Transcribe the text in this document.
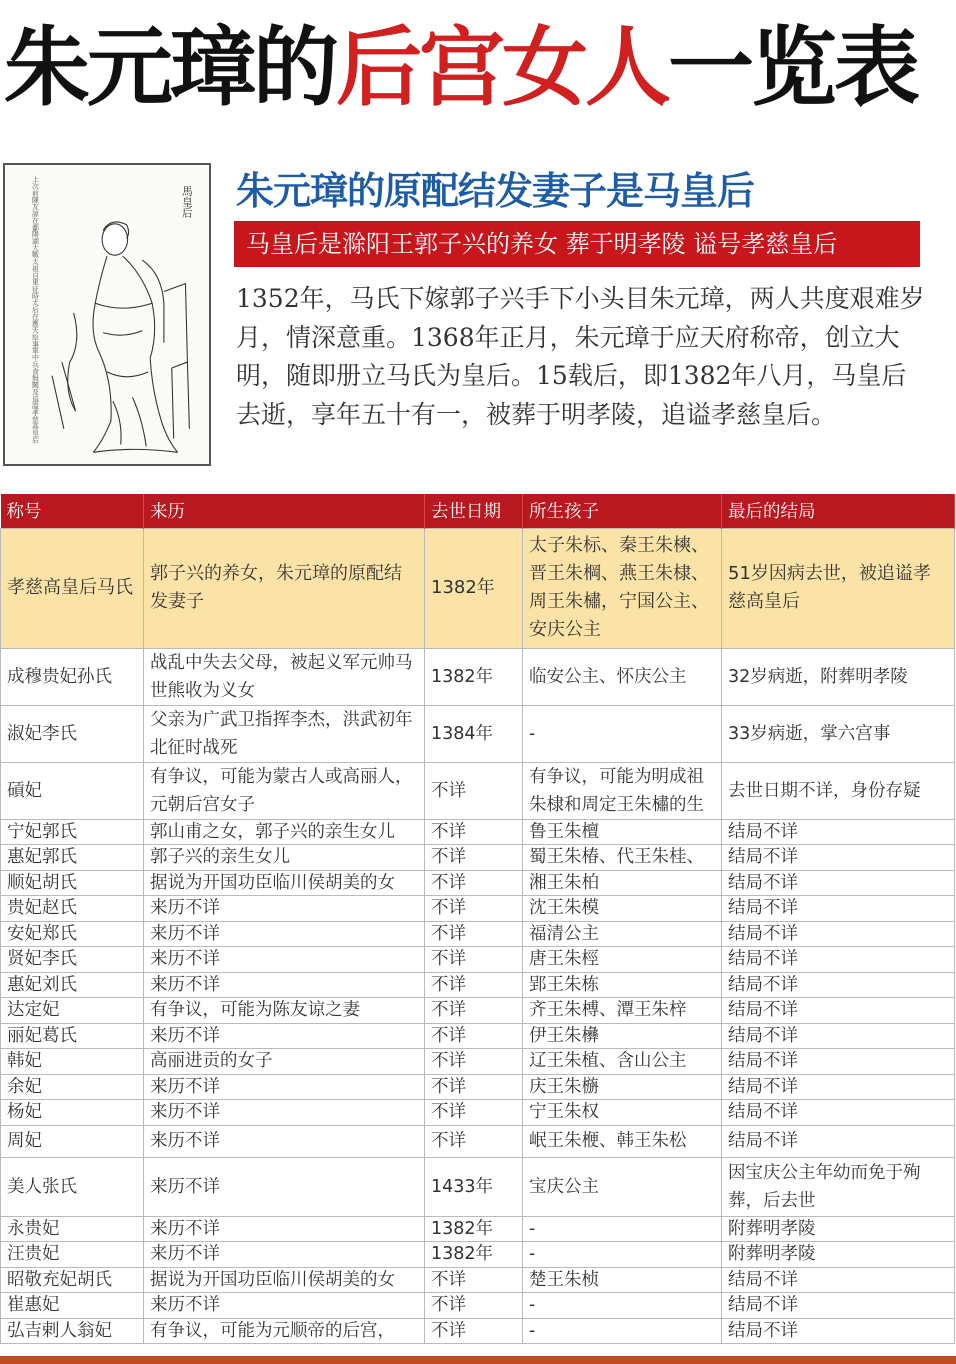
朱元璋的后宫女人一览表
馬皇后
上次前陳友諒在鄱陽湖大戰太祖自東征時太后在應天給事軍中兵食無闕及追諡孝慈高皇后	朱元璋的原配结发妻子是马皇后
马皇后是滁阳王郭子兴的养女 葬于明孝陵 谥号孝慈皇后
1352年，马氏下嫁郭子兴手下小头目朱元璋，两人共度艰难岁月，情深意重。1368年正月，朱元璋于应天府称帝，创立大明，随即册立马氏为皇后。15载后，即1382年八月，马皇后去逝，享年五十有一，被葬于明孝陵，追谥孝慈皇后。
称号	来历	去世日期	所生孩子	最后的结局
孝慈高皇后马氏	郭子兴的养女，朱元璋的原配结发妻子	1382年	太子朱标、秦王朱樉、晋王朱棡、燕王朱棣、周王朱橚，宁国公主、安庆公主	51岁因病去世，被追谥孝慈高皇后
成穆贵妃孙氏	战乱中失去父母，被起义军元帅马世熊收为义女	1382年	临安公主、怀庆公主	32岁病逝，附葬明孝陵
淑妃李氏	父亲为广武卫指挥李杰，洪武初年北征时战死	1384年	-	33岁病逝，掌六宫事
碽妃	有争议，可能为蒙古人或高丽人，元朝后宫女子	不详	有争议，可能为明成祖朱棣和周定王朱橚的生	去世日期不详，身份存疑
宁妃郭氏	郭山甫之女，郭子兴的亲生女儿	不详	鲁王朱檀	结局不详
惠妃郭氏	郭子兴的亲生女儿	不详	蜀王朱椿、代王朱桂、	结局不详
顺妃胡氏	据说为开国功臣临川侯胡美的女	不详	湘王朱柏	结局不详
贵妃赵氏	来历不详	不详	沈王朱模	结局不详
安妃郑氏	来历不详	不详	福清公主	结局不详
贤妃李氏	来历不详	不详	唐王朱桱	结局不详
惠妃刘氏	来历不详	不详	郢王朱栋	结局不详
达定妃	有争议，可能为陈友谅之妻	不详	齐王朱榑、潭王朱梓	结局不详
丽妃葛氏	来历不详	不详	伊王朱㰘	结局不详
韩妃	高丽进贡的女子	不详	辽王朱植、含山公主	结局不详
余妃	来历不详	不详	庆王朱㮵	结局不详
杨妃	来历不详	不详	宁王朱权	结局不详
周妃	来历不详	不详	岷王朱楩、韩王朱松	结局不详
美人张氏	来历不详	1433年	宝庆公主	因宝庆公主年幼而免于殉葬，后去世
永贵妃	来历不详	1382年	-	附葬明孝陵
汪贵妃	来历不详	1382年	-	附葬明孝陵
昭敬充妃胡氏	据说为开国功臣临川侯胡美的女	不详	楚王朱桢	结局不详
崔惠妃	来历不详	不详	-	结局不详
弘吉剌人翁妃	有争议，可能为元顺帝的后宫，	不详	-	结局不详
